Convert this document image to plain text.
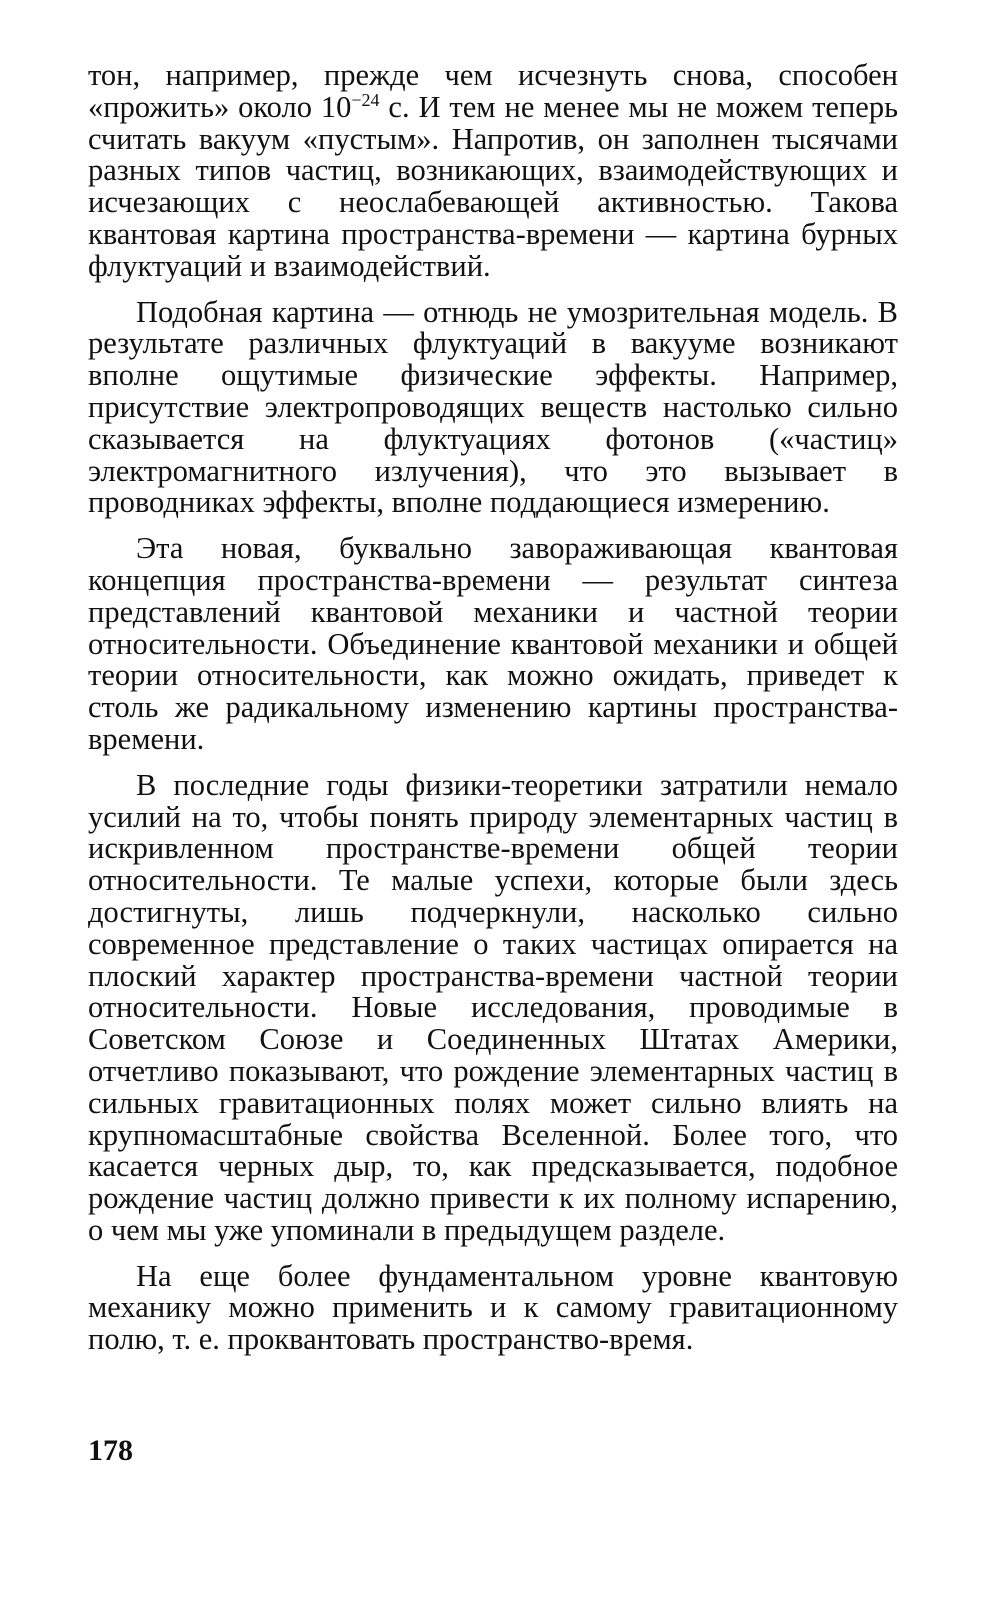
тон, например, прежде чем исчезнуть снова, способен «прожить» около $10^{-24}$ с. И тем не менее мы не можем теперь считать вакуум «пустым». Напротив, он заполнен тысячами разных типов частиц, возникающих, взаимодействующих и исчезающих с неослабевающей активностью. Такова квантовая картина пространства-времени — картина бурных флуктуаций и взаимодействий.

Подобная картина — отнюдь не умозрительная модель. В результате различных флуктуаций в вакууме возникают вполне ощутимые физические эффекты. Например, присутствие электропроводящих веществ настолько сильно сказывается на флуктуациях фотонов («частиц» электромагнитного излучения), что это вызывает в проводниках эффекты, вполне поддающиеся измерению.

Эта новая, буквально завораживающая квантовая концепция пространства-времени — результат синтеза представлений квантовой механики и частной теории относительности. Объединение квантовой механики и общей теории относительности, как можно ожидать, приведет к столь же радикальному изменению картины пространства-времени.

В последние годы физики-теоретики затратили немало усилий на то, чтобы понять природу элементарных частиц в искривленном пространстве-времени общей теории относительности. Те малые успехи, которые были здесь достигнуты, лишь подчеркнули, насколько сильно современное представление о таких частицах опирается на плоский характер пространства-времени частной теории относительности. Новые исследования, проводимые в Советском Союзе и Соединенных Штатах Америки, отчетливо показывают, что рождение элементарных частиц в сильных гравитационных полях может сильно влиять на крупномасштабные свойства Вселенной. Более того, что касается черных дыр, то, как предсказывается, подобное рождение частиц должно привести к их полному испарению, о чем мы уже упоминали в предыдущем разделе.

На еще более фундаментальном уровне квантовую механику можно применить и к самому гравитационному полю, т. е. проквантовать пространство-время.

178
